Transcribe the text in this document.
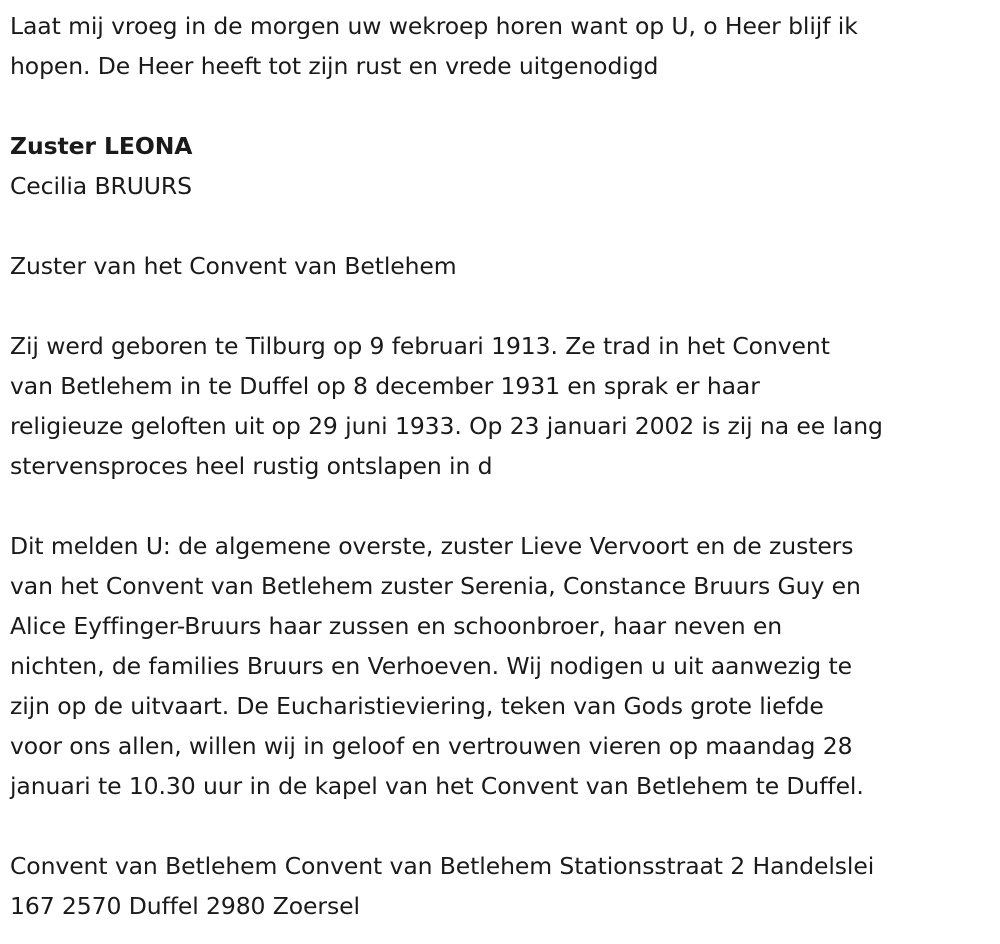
Laat mij vroeg in de morgen uw wekroep horen want op U, o Heer blijf ik
hopen. De Heer heeft tot zijn rust en vrede uitgenodigd
Zuster LEONA
Cecilia BRUURS
Zuster van het Convent van Betlehem
Zij werd geboren te Tilburg op 9 februari 1913. Ze trad in het Convent
van Betlehem in te Duffel op 8 december 1931 en sprak er haar
religieuze geloften uit op 29 juni 1933. Op 23 januari 2002 is zij na ee lang
stervensproces heel rustig ontslapen in d
Dit melden U: de algemene overste, zuster Lieve Vervoort en de zusters
van het Convent van Betlehem zuster Serenia, Constance Bruurs Guy en
Alice Eyffinger-Bruurs haar zussen en schoonbroer, haar neven en
nichten, de families Bruurs en Verhoeven. Wij nodigen u uit aanwezig te
zijn op de uitvaart. De Eucharistieviering, teken van Gods grote liefde
voor ons allen, willen wij in geloof en vertrouwen vieren op maandag 28
januari te 10.30 uur in de kapel van het Convent van Betlehem te Duffel.
Convent van Betlehem Convent van Betlehem Stationsstraat 2 Handelslei
167 2570 Duffel 2980 Zoersel
